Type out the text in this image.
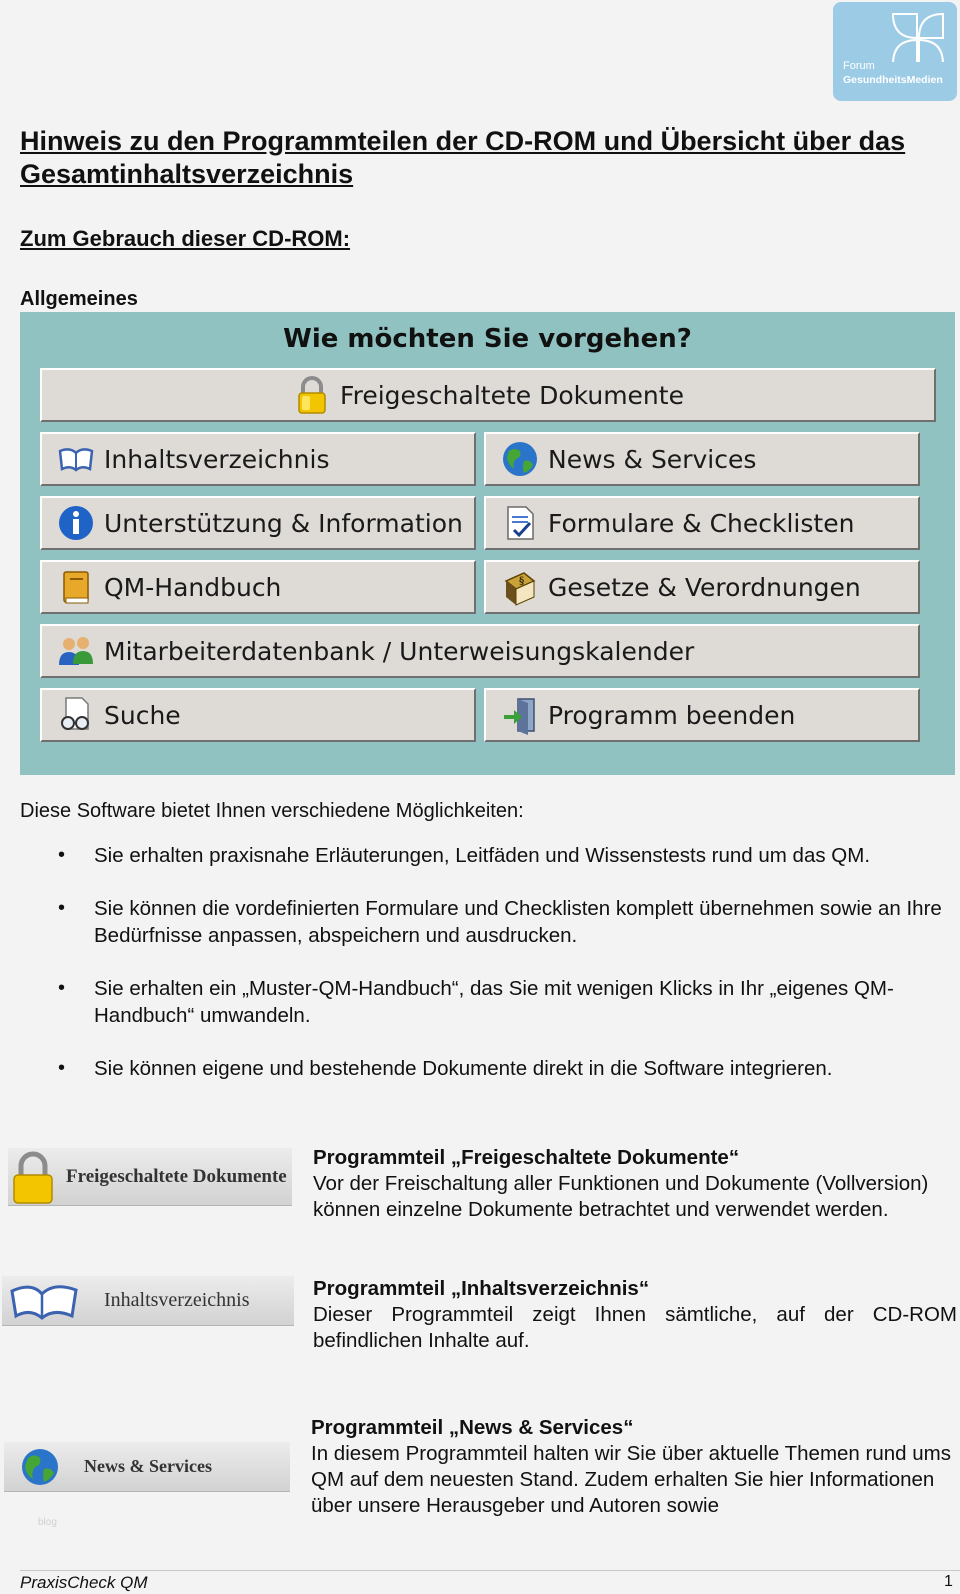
Forum
GesundheitsMedien
Hinweis zu den Programmteilen der CD-ROM und Übersicht über das Gesamtinhaltsverzeichnis
Zum Gebrauch dieser CD-ROM:
Allgemeines
Wie möchten Sie vorgehen?
Freigeschaltete Dokumente
Inhaltsverzeichnis	News & Services
Unterstützung & Information	Formulare & Checklisten
QM-Handbuch	§ Gesetze & Verordnungen
Mitarbeiterdatenbank / Unterweisungskalender
Suche	Programm beenden

Diese Software bietet Ihnen verschiedene Möglichkeiten:

• Sie erhalten praxisnahe Erläuterungen, Leitfäden und Wissenstests rund um das QM.
• Sie können die vordefinierten Formulare und Checklisten komplett übernehmen sowie an Ihre Bedürfnisse anpassen, abspeichern und ausdrucken.
• Sie erhalten ein „Muster-QM-Handbuch“, das Sie mit wenigen Klicks in Ihr „eigenes QM-Handbuch“ umwandeln.
• Sie können eigene und bestehende Dokumente direkt in die Software integrieren.
Freigeschaltete Dokumente

Programmteil „Freigeschaltete Dokumente“
Vor der Freischaltung aller Funktionen und Dokumente (Vollversion) können einzelne Dokumente betrachtet und verwendet werden.

Inhaltsverzeichnis	Programmteil „Inhaltsverzeichnis“
Dieser Programmteil zeigt Ihnen sämtliche, auf der CD-ROM befindlichen Inhalte auf.

News & Services

Programmteil „News & Services“
In diesem Programmteil halten wir Sie über aktuelle Themen rund ums QM auf dem neuesten Stand. Zudem erhalten Sie hier Informationen über unsere Herausgeber und Autoren sowie

blog
PraxisCheck QM	1
